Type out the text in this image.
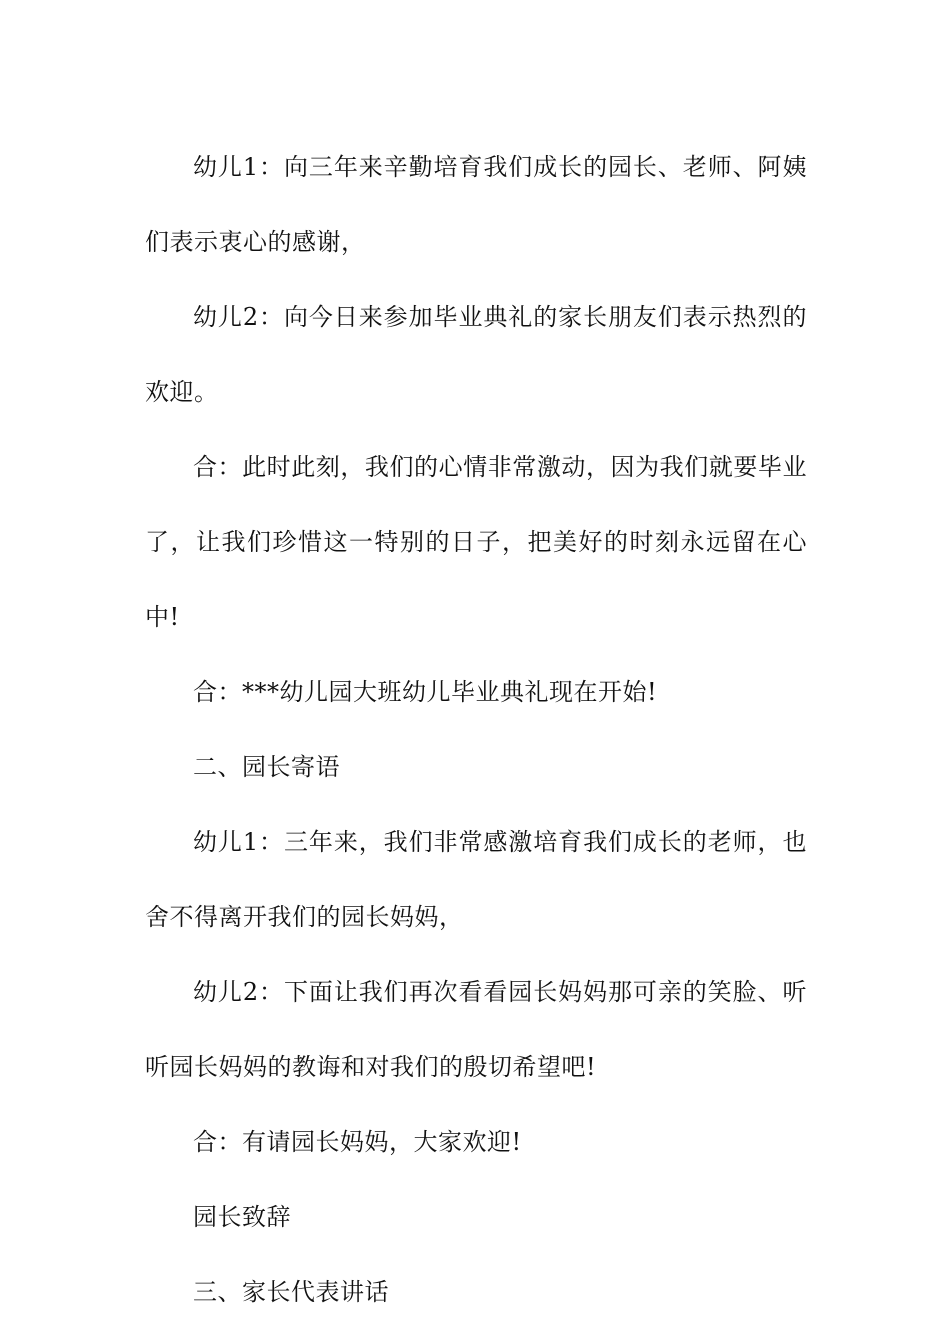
幼儿1：向三年来辛勤培育我们成长的园长、老师、阿姨们表示衷心的感谢，

幼儿2：向今日来参加毕业典礼的家长朋友们表示热烈的欢迎。

合：此时此刻，我们的心情非常激动，因为我们就要毕业了，让我们珍惜这一特别的日子，把美好的时刻永远留在心中!

合：***幼儿园大班幼儿毕业典礼现在开始!

二、园长寄语

幼儿1：三年来，我们非常感激培育我们成长的老师，也舍不得离开我们的园长妈妈，

幼儿2：下面让我们再次看看园长妈妈那可亲的笑脸、听听园长妈妈的教诲和对我们的殷切希望吧!

合：有请园长妈妈，大家欢迎!

园长致辞

三、家长代表讲话
